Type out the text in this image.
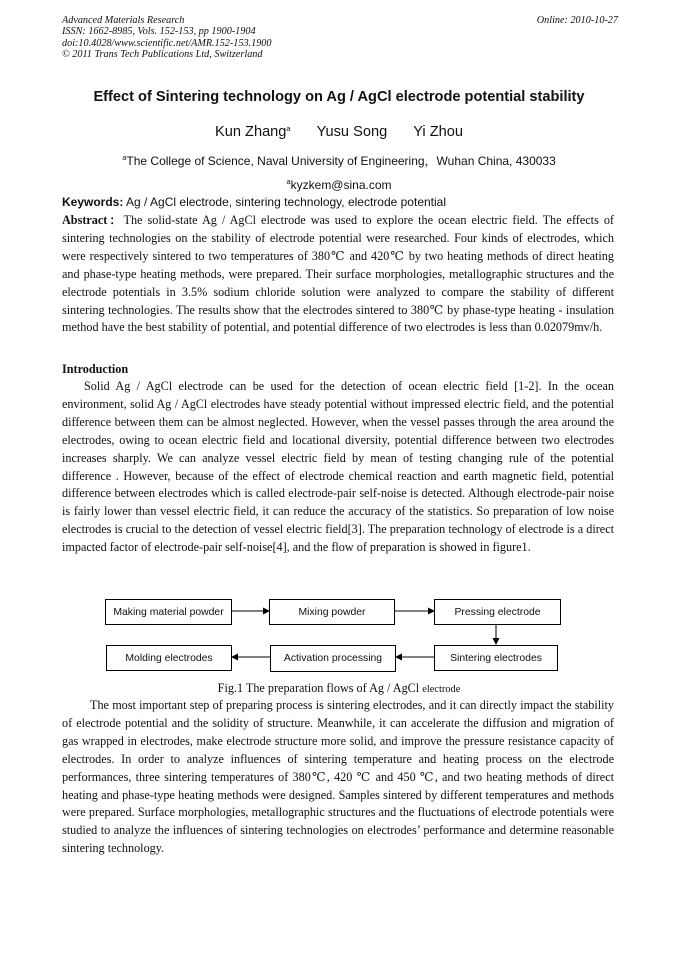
Advanced Materials Research
ISSN: 1662-8985, Vols. 152-153, pp 1900-1904
doi:10.4028/www.scientific.net/AMR.152-153.1900
© 2011 Trans Tech Publications Ltd, Switzerland
Online: 2010-10-27
Effect of Sintering technology on Ag / AgCl electrode potential stability
Kun Zhang$^a$ Yusu Song Yi Zhou
$^a$The College of Science, Naval University of Engineering，Wuhan China, 430033
$^a$kyzkem@sina.com
Keywords: Ag / AgCl electrode, sintering technology, electrode potential
Abstract：The solid-state Ag / AgCl electrode was used to explore the ocean electric field. The effects of sintering technologies on the stability of electrode potential were researched. Four kinds of electrodes, which were respectively sintered to two temperatures of 380℃ and 420℃ by two heating methods of direct heating and phase-type heating methods, were prepared. Their surface morphologies, metallographic structures and the electrode potentials in 3.5% sodium chloride solution were analyzed to compare the stability of different sintering technologies. The results show that the electrodes sintered to 380℃ by phase-type heating - insulation method have the best stability of potential, and potential difference of two electrodes is less than 0.02079mv/h.
Introduction
Solid Ag / AgCl electrode can be used for the detection of ocean electric field [1-2]. In the ocean environment, solid Ag / AgCl electrodes have steady potential without impressed electric field, and the potential difference between them can be almost neglected. However, when the vessel passes through the area around the electrodes, owing to ocean electric field and locational diversity, potential difference between two electrodes increases sharply. We can analyze vessel electric field by mean of testing changing rule of the potential difference . However, because of the effect of electrode chemical reaction and earth magnetic field, potential difference between electrodes which is called electrode-pair self-noise is detected. Although electrode-pair noise is fairly lower than vessel electric field, it can reduce the accuracy of the statistics. So preparation of low noise electrodes is crucial to the detection of vessel electric field[3]. The preparation technology of electrode is a direct impacted factor of electrode-pair self-noise[4], and the flow of preparation is showed in figure1.
Making material powder	Mixing powder	Pressing electrode
Sintering electrodes
Activation processing
Molding electrodes
Fig.1 The preparation flows of Ag / AgCl electrode
The most important step of preparing process is sintering electrodes, and it can directly impact the stability of electrode potential and the solidity of structure. Meanwhile, it can accelerate the diffusion and migration of gas wrapped in electrodes, make electrode structure more solid, and improve the pressure resistance capacity of electrodes. In order to analyze influences of sintering temperature and heating process on the electrode performances, three sintering temperatures of 380℃, 420 ℃ and 450 ℃, and two heating methods of direct heating and phase-type heating methods were designed. Samples sintered by different temperatures and methods were prepared. Surface morphologies, metallographic structures and the fluctuations of electrode potentials were studied to analyze the influences of sintering technologies on electrodes’ performance and determine reasonable sintering technology.
